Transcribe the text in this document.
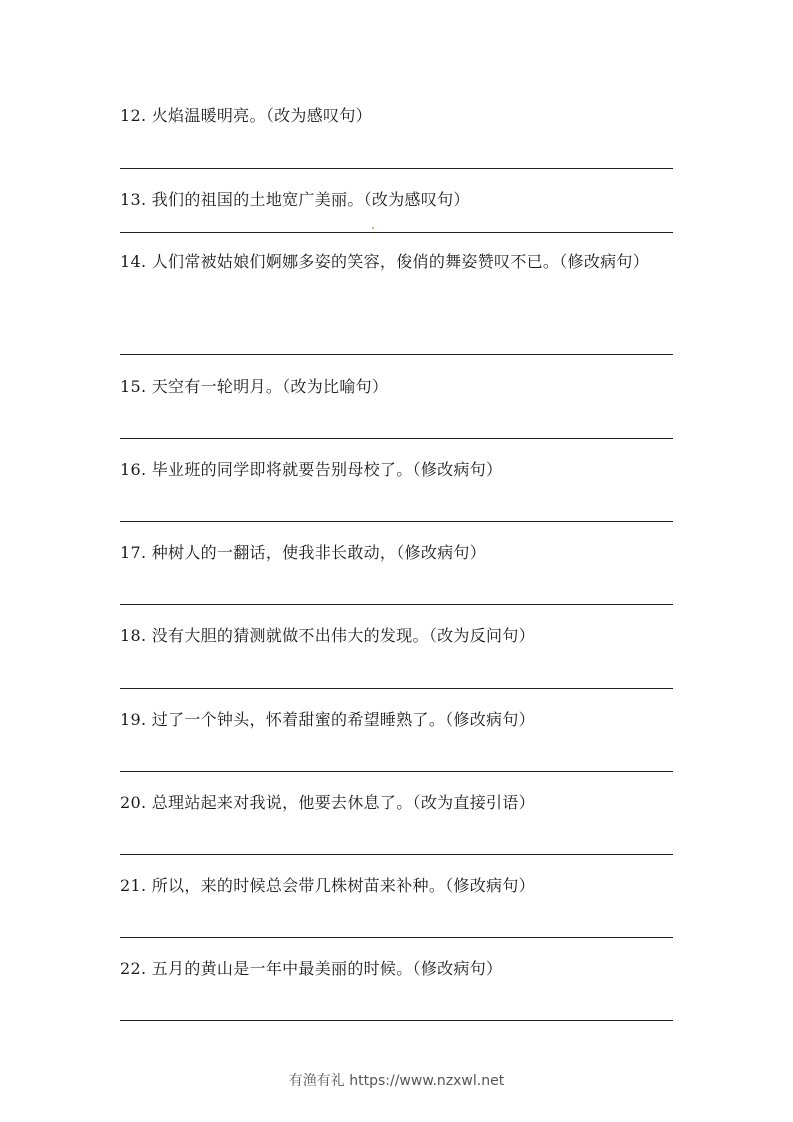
12. 火焰温暖明亮。（改为感叹句）
13. 我们的祖国的土地宽广美丽。（改为感叹句）
14. 人们常被姑娘们婀娜多姿的笑容，俊俏的舞姿赞叹不已。（修改病句）
15. 天空有一轮明月。（改为比喻句）
16. 毕业班的同学即将就要告别母校了。（修改病句）
17. 种树人的一翻话，使我非长敢动，（修改病句）
18. 没有大胆的猜测就做不出伟大的发现。（改为反问句）
19. 过了一个钟头，怀着甜蜜的希望睡熟了。（修改病句）
20. 总理站起来对我说，他要去休息了。（改为直接引语）
21. 所以，来的时候总会带几株树苗来补种。（修改病句）
22. 五月的黄山是一年中最美丽的时候。（修改病句）
有渔有礼 https://www.nzxwl.net
